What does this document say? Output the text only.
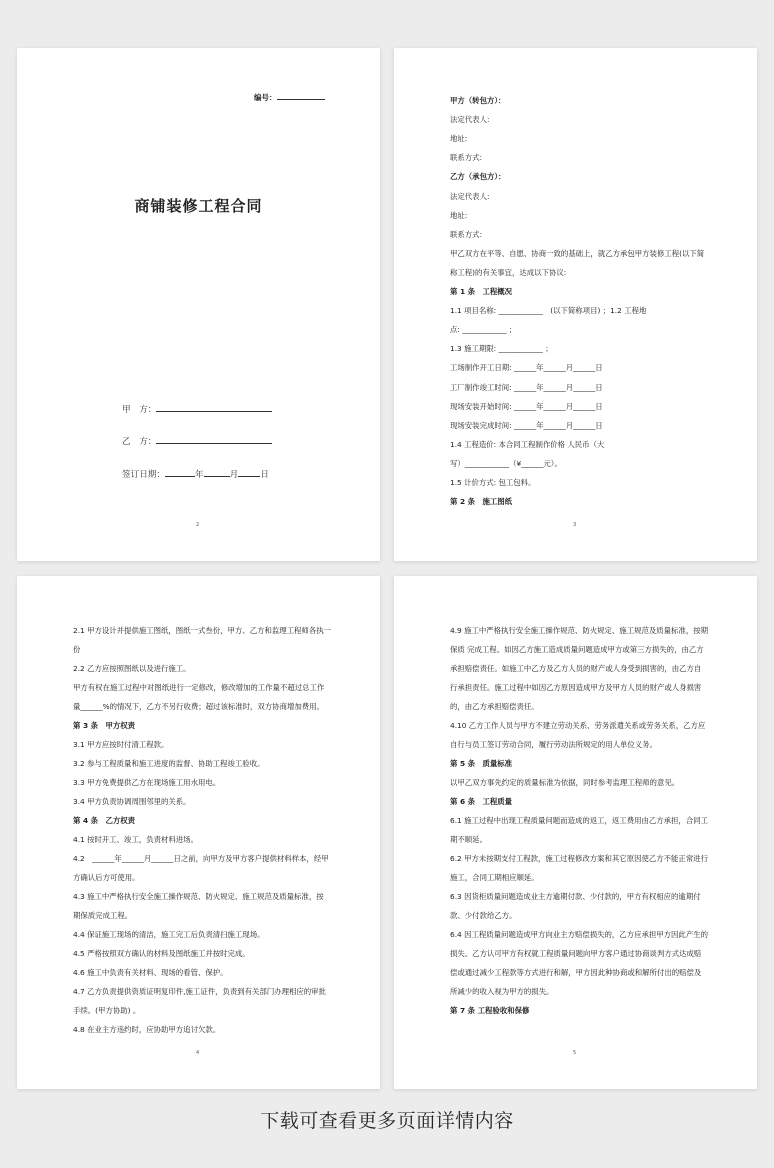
编号：
商铺装修工程合同
甲　方：
乙　方：
签订日期：	年	月	日
2
甲方（转包方）：
法定代表人:
地址:
联系方式:
乙方（承包方）：
法定代表人:
地址:
联系方式:
甲乙双方在平等、自愿、协商一致的基础上，就乙方承包甲方装修工程(以下简
称工程)的有关事宜，达成以下协议:
第 1 条　工程概况
1.1 项目名称: ____________　(以下简称项目) ；1.2 工程地
点: ____________ ；
1.3 施工期限: ____________ ；
工场制作开工日期: ______年______月______日
工厂制作竣工时间: ______年______月______日
现场安装开始时间: ______年______月______日
现场安装完成时间: ______年______月______日
1.4 工程造价: 本合同工程制作价格 人民币（大
写）____________（¥______元）。
1.5 计价方式: 包工包料。
第 2 条　施工图纸
3
2.1 甲方设计并提供施工图纸，图纸一式叁份，甲方、乙方和监理工程师各执一
份
2.2 乙方应按照图纸以及进行施工。
甲方有权在施工过程中对图纸进行一定修改，修改增加的工作量不超过总工作
量______%的情况下，乙方不另行收费；超过该标准时，双方协商增加费用。
第 3 条　甲方权责
3.1 甲方应按时付清工程款。
3.2 参与工程质量和施工进度的监督、协助工程竣工验收。
3.3 甲方免费提供乙方在现场施工用水用电。
3.4 甲方负责协调周围邻里的关系。
第 4 条　乙方权责
4.1 按时开工、竣工，负责材料进场。
4.2　______年______月______日之前，向甲方及甲方客户提供材料样本，经甲
方确认后方可使用。
4.3 施工中严格执行安全施工操作规范、防火规定、施工规范及质量标准，按
期保质完成工程。
4.4 保证施工现场的清洁，施工完工后负责清扫施工现场。
4.5 严格按照双方确认的材料及图纸施工并按时完成。
4.6 施工中负责有关材料、现场的看管、保护。
4.7 乙方负责提供资质证明复印件,施工证件，负责到有关部门办理相应的审批
手续。(甲方协助) 。
4.8 在业主方违约时，应协助甲方追讨欠款。
4
4.9 施工中严格执行安全施工操作规范、防火规定、施工规范及质量标准，按期
保质 完成工程。如因乙方施工造成质量问题造成甲方或第三方损失的，由乙方
承担赔偿责任。如施工中乙方及乙方人员的财产或人身受到损害的，由乙方自
行承担责任。施工过程中如因乙方原因造成甲方及甲方人员的财产或人身损害
的，由乙方承担赔偿责任。
4.10 乙方工作人员与甲方不建立劳动关系、劳务派遣关系或劳务关系，乙方应
自行与员工签订劳动合同，履行劳动法所规定的用人单位义务。
第 5 条　质量标准
以甲乙双方事先约定的质量标准为依据，同时参考监理工程师的意见。
第 6 条　工程质量
6.1 施工过程中出现工程质量问题而造成的返工，返工费用由乙方承担，合同工
期不顺延。
6.2 甲方未按期支付工程款，施工过程修改方案和其它原因使乙方不能正常进行
施工，合同工期相应顺延。
6.3 因货柜质量问题造成业主方逾期付款、少付款的，甲方有权相应的逾期付
款、少付款给乙方。
6.4 因工程质量问题造成甲方向业主方赔偿损失的，乙方应承担甲方因此产生的
损失。乙方认可甲方有权就工程质量问题向甲方客户通过协商谈判方式达成赔
偿或通过减少工程款等方式进行和解，甲方因此种协商或和解所付出的赔偿及
所减少的收入视为甲方的损失。
第 7 条 工程验收和保修
5
下载可查看更多页面详情内容
